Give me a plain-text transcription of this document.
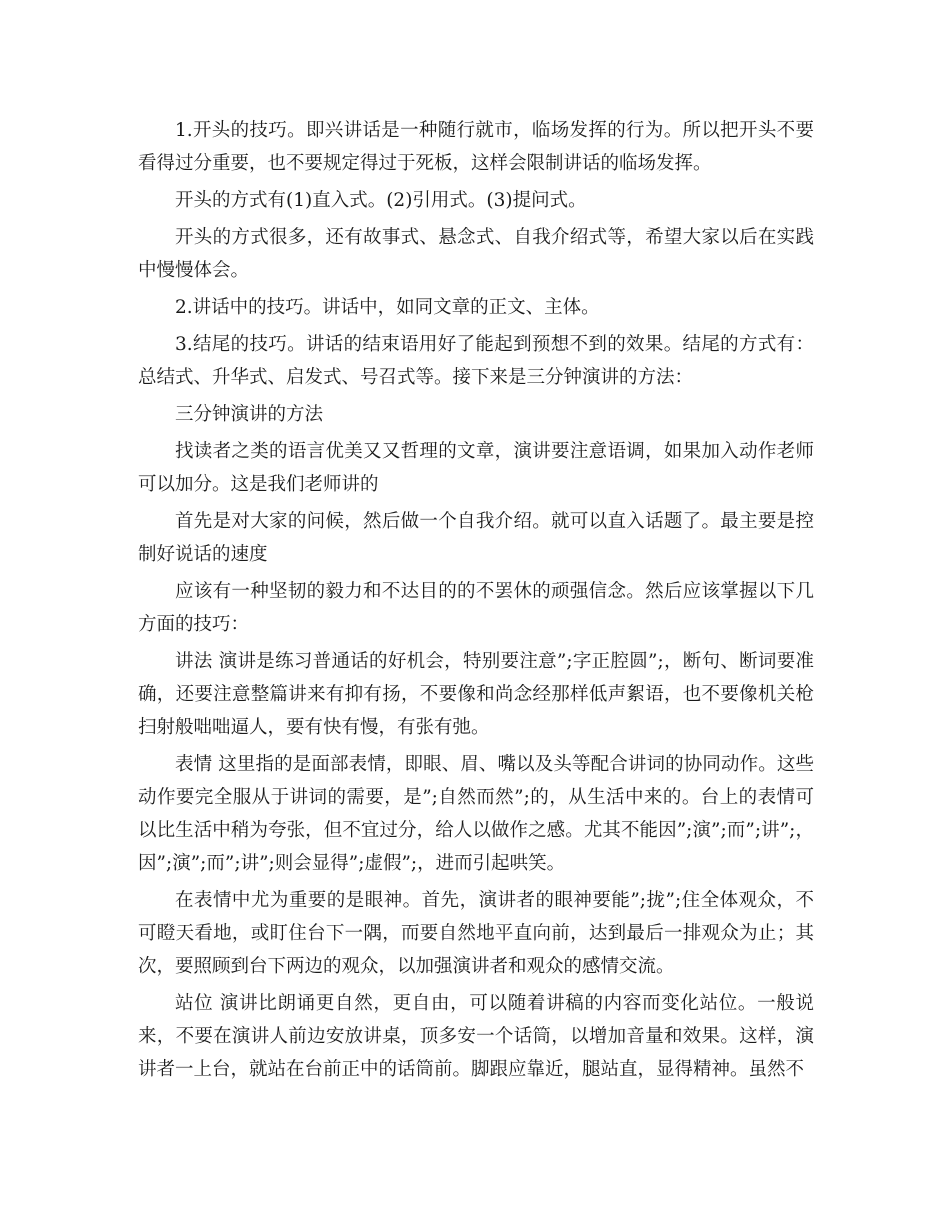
1.开头的技巧。即兴讲话是一种随行就市，临场发挥的行为。所以把开头不要看得过分重要，也不要规定得过于死板，这样会限制讲话的临场发挥。

开头的方式有(1)直入式。(2)引用式。(3)提问式。

开头的方式很多，还有故事式、悬念式、自我介绍式等，希望大家以后在实践中慢慢体会。

2.讲话中的技巧。讲话中，如同文章的正文、主体。

3.结尾的技巧。讲话的结束语用好了能起到预想不到的效果。结尾的方式有：总结式、升华式、启发式、号召式等。接下来是三分钟演讲的方法：

三分钟演讲的方法

找读者之类的语言优美又又哲理的文章，演讲要注意语调，如果加入动作老师可以加分。这是我们老师讲的

首先是对大家的问候，然后做一个自我介绍。就可以直入话题了。最主要是控制好说话的速度

应该有一种坚韧的毅力和不达目的的不罢休的顽强信念。然后应该掌握以下几方面的技巧：

讲法 演讲是练习普通话的好机会，特别要注意”;字正腔圆”;，断句、断词要准确，还要注意整篇讲来有抑有扬，不要像和尚念经那样低声絮语，也不要像机关枪扫射般咄咄逼人，要有快有慢，有张有弛。

表情 这里指的是面部表情，即眼、眉、嘴以及头等配合讲词的协同动作。这些动作要完全服从于讲词的需要，是”;自然而然”;的，从生活中来的。台上的表情可以比生活中稍为夸张，但不宜过分，给人以做作之感。尤其不能因”;演”;而”;讲”;，因”;演”;而”;讲”;则会显得”;虚假”;，进而引起哄笑。

在表情中尤为重要的是眼神。首先，演讲者的眼神要能”;拢”;住全体观众，不可瞪天看地，或盯住台下一隅，而要自然地平直向前，达到最后一排观众为止；其次，要照顾到台下两边的观众，以加强演讲者和观众的感情交流。

站位 演讲比朗诵更自然，更自由，可以随着讲稿的内容而变化站位。一般说来，不要在演讲人前边安放讲桌，顶多安一个话筒，以增加音量和效果。这样，演讲者一上台，就站在台前正中的话筒前。脚跟应靠近，腿站直，显得精神。虽然不
